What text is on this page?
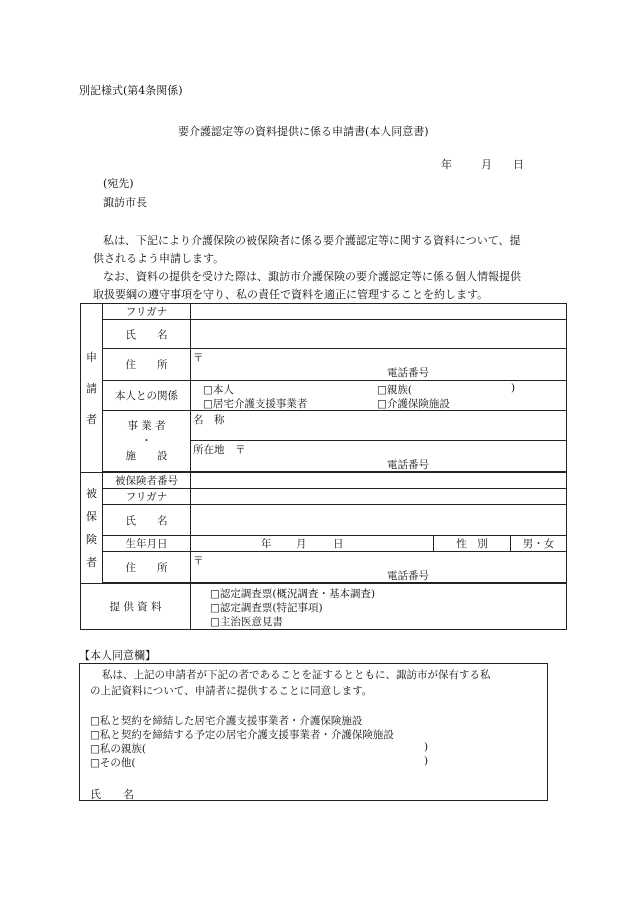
別記様式(第4条関係)
要介護認定等の資料提供に係る申請書(本人同意書)
年	月 日
(宛先)
諏訪市長
私は、下記により介護保険の被保険者に係る要介護認定等に関する資料について、提
供されるよう申請します。
なお、資料の提供を受けた際は、諏訪市介護保険の要介護認定等に係る個人情報提供
取扱要綱の遵守事項を守り、私の責任で資料を適正に管理することを約します。
申
請
者	フリガナ			
	氏　　名			
	住　　所	〒
電話番号		

	本人との関係	□本人 □親族( )
□居宅介護支援事業者 □介護保険施設		

	事 業 者
・
施　　設	名　称		

		所在地　〒
電話番号		

被
保
険
者	被保険者番号			
	フリガナ			
	氏　　名			
	生年月日	年 月 日	性　別	男・女
	住　　所	〒
電話番号		

提 供 資 料		□認定調査票(概況調査・基本調査)
□認定調査票(特記事項)
□主治医意見書		
【本人同意欄】
私は、上記の申請者が下記の者であることを証するとともに、諏訪市が保有する私
の上記資料について、申請者に提供することに同意します。
□私と契約を締結した居宅介護支援事業者・介護保険施設
□私と契約を締結する予定の居宅介護支援事業者・介護保険施設
□私の親族(	)
□その他(	)
氏　　名
